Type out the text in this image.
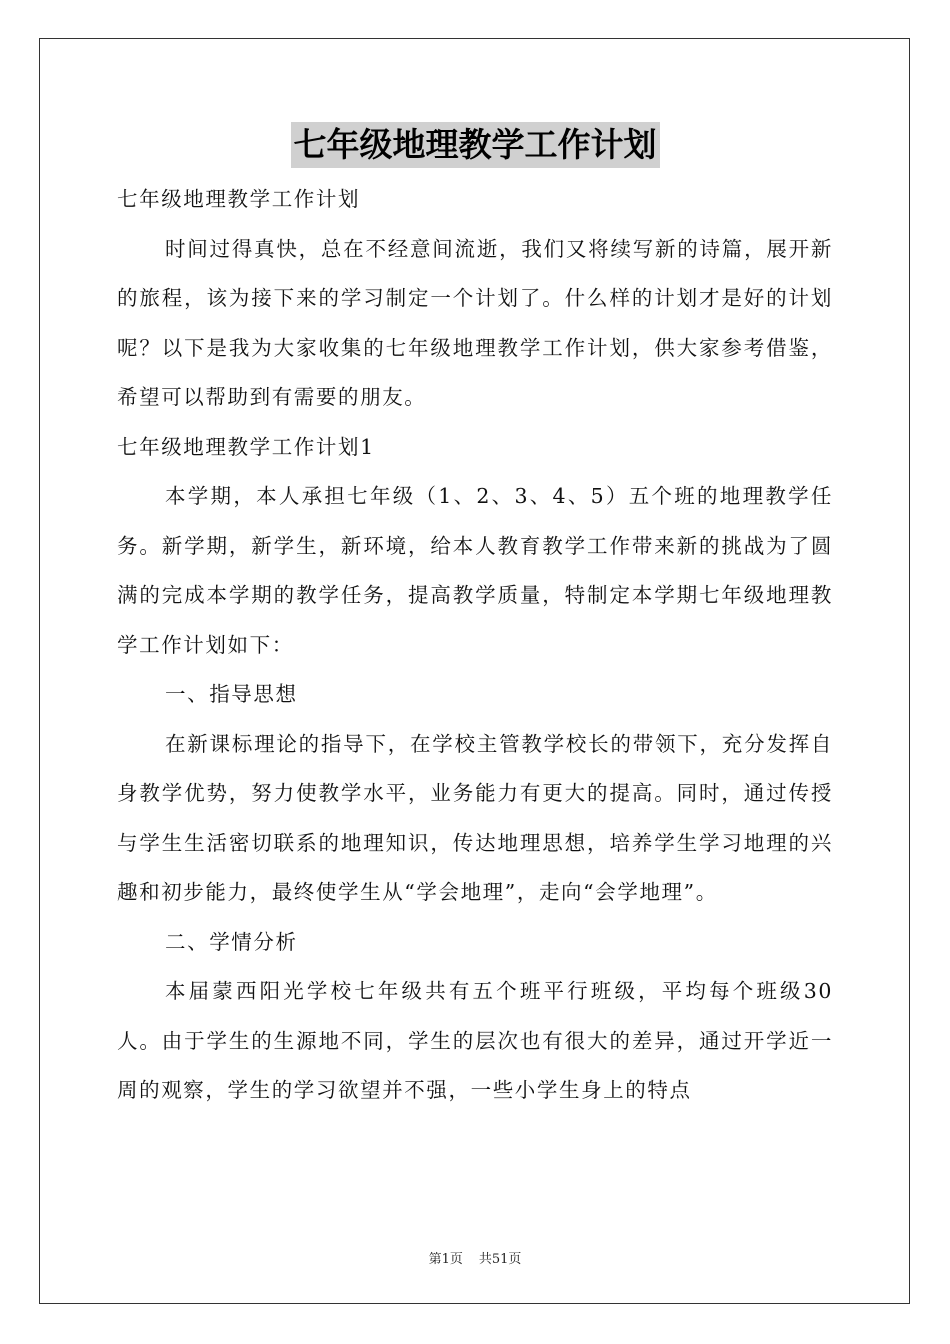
七年级地理教学工作计划

七年级地理教学工作计划

时间过得真快，总在不经意间流逝，我们又将续写新的诗篇，展开新的旅程，该为接下来的学习制定一个计划了。什么样的计划才是好的计划呢？以下是我为大家收集的七年级地理教学工作计划，供大家参考借鉴，希望可以帮助到有需要的朋友。

七年级地理教学工作计划1

本学期，本人承担七年级（1、2、3、4、5）五个班的地理教学任务。新学期，新学生，新环境，给本人教育教学工作带来新的挑战为了圆满的完成本学期的教学任务，提高教学质量，特制定本学期七年级地理教学工作计划如下：

一、指导思想

在新课标理论的指导下，在学校主管教学校长的带领下，充分发挥自身教学优势，努力使教学水平，业务能力有更大的提高。同时，通过传授与学生生活密切联系的地理知识，传达地理思想，培养学生学习地理的兴趣和初步能力，最终使学生从“学会地理”，走向“会学地理”。

二、学情分析

本届蒙西阳光学校七年级共有五个班平行班级，平均每个班级30人。由于学生的生源地不同，学生的层次也有很大的差异，通过开学近一周的观察，学生的学习欲望并不强，一些小学生身上的特点

第1页 共51页
